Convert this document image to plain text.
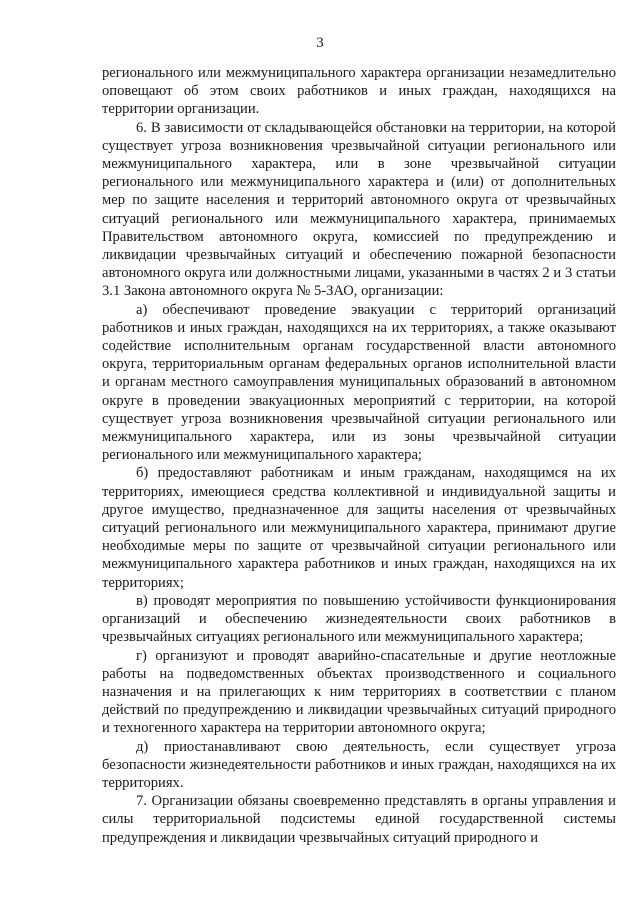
3

регионального или межмуниципального характера организации незамедлительно оповещают об этом своих работников и иных граждан, находящихся на территории организации.

6. В зависимости от складывающейся обстановки на территории, на которой существует угроза возникновения чрезвычайной ситуации регионального или межмуниципального характера, или в зоне чрезвычайной ситуации регионального или межмуниципального характера и (или) от дополнительных мер по защите населения и территорий автономного округа от чрезвычайных ситуаций регионального или межмуниципального характера, принимаемых Правительством автономного округа, комиссией по предупреждению и ликвидации чрезвычайных ситуаций и обеспечению пожарной безопасности автономного округа или должностными лицами, указанными в частях 2 и 3 статьи 3.1 Закона автономного округа № 5-ЗАО, организации:

а) обеспечивают проведение эвакуации с территорий организаций работников и иных граждан, находящихся на их территориях, а также оказывают содействие исполнительным органам государственной власти автономного округа, территориальным органам федеральных органов исполнительной власти и органам местного самоуправления муниципальных образований в автономном округе в проведении эвакуационных мероприятий с территории, на которой существует угроза возникновения чрезвычайной ситуации регионального или межмуниципального характера, или из зоны чрезвычайной ситуации регионального или межмуниципального характера;

б) предоставляют работникам и иным гражданам, находящимся на их территориях, имеющиеся средства коллективной и индивидуальной защиты и другое имущество, предназначенное для защиты населения от чрезвычайных ситуаций регионального или межмуниципального характера, принимают другие необходимые меры по защите от чрезвычайной ситуации регионального или межмуниципального характера работников и иных граждан, находящихся на их территориях;

в) проводят мероприятия по повышению устойчивости функционирования организаций и обеспечению жизнедеятельности своих работников в чрезвычайных ситуациях регионального или межмуниципального характера;

г) организуют и проводят аварийно-спасательные и другие неотложные работы на подведомственных объектах производственного и социального назначения и на прилегающих к ним территориях в соответствии с планом действий по предупреждению и ликвидации чрезвычайных ситуаций природного и техногенного характера на территории автономного округа;

д) приостанавливают свою деятельность, если существует угроза безопасности жизнедеятельности работников и иных граждан, находящихся на их территориях.

7. Организации обязаны своевременно представлять в органы управления и силы территориальной подсистемы единой государственной системы предупреждения и ликвидации чрезвычайных ситуаций природного и
